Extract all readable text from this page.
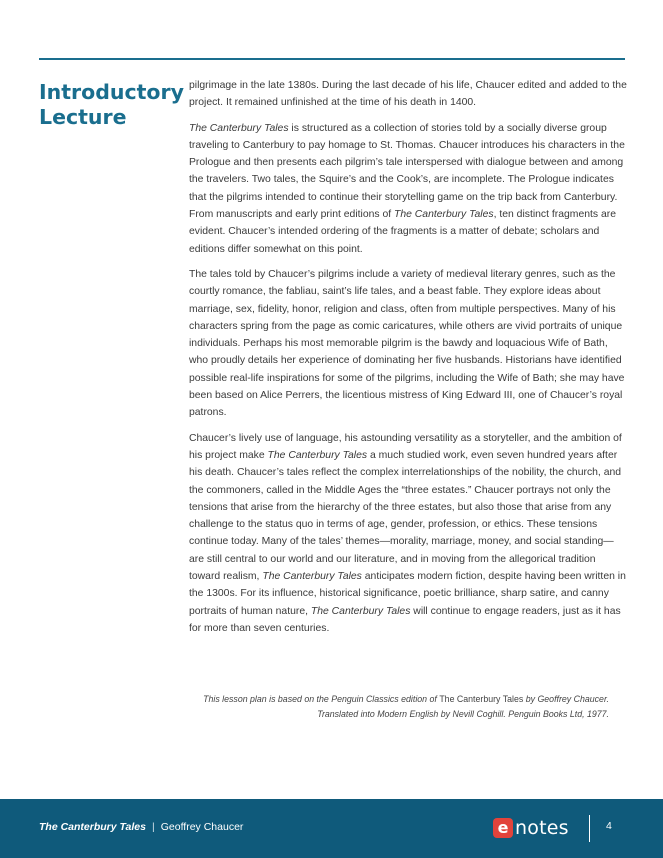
Introductory
Lecture

pilgrimage in the late 1380s. During the last decade of his life, Chaucer edited and added to the project. It remained unfinished at the time of his death in 1400.

The Canterbury Tales is structured as a collection of stories told by a socially diverse group traveling to Canterbury to pay homage to St. Thomas. Chaucer introduces his characters in the Prologue and then presents each pilgrim’s tale interspersed with dialogue between and among the travelers. Two tales, the Squire’s and the Cook’s, are incomplete. The Prologue indicates that the pilgrims intended to continue their storytelling game on the trip back from Canterbury. From manuscripts and early print editions of The Canterbury Tales, ten distinct fragments are evident. Chaucer’s intended ordering of the fragments is a matter of debate; scholars and editions differ somewhat on this point.

The tales told by Chaucer’s pilgrims include a variety of medieval literary genres, such as the courtly romance, the fabliau, saint’s life tales, and a beast fable. They explore ideas about marriage, sex, fidelity, honor, religion and class, often from multiple perspectives. Many of his characters spring from the page as comic caricatures, while others are vivid portraits of unique individuals. Perhaps his most memorable pilgrim is the bawdy and loquacious Wife of Bath, who proudly details her experience of dominating her five husbands. Historians have identified possible real-life inspirations for some of the pilgrims, including the Wife of Bath; she may have been based on Alice Perrers, the licentious mistress of King Edward III, one of Chaucer’s royal patrons.

Chaucer’s lively use of language, his astounding versatility as a storyteller, and the ambition of his project make The Canterbury Tales a much studied work, even seven hundred years after his death. Chaucer’s tales reflect the complex interrelationships of the nobility, the church, and the commoners, called in the Middle Ages the “three estates.” Chaucer portrays not only the tensions that arise from the hierarchy of the three estates, but also those that arise from any challenge to the status quo in terms of age, gender, profession, or ethics. These tensions continue today. Many of the tales’ themes—morality, marriage, money, and social standing—are still central to our world and our literature, and in moving from the allegorical tradition toward realism, The Canterbury Tales anticipates modern fiction, despite having been written in the 1300s. For its influence, historical significance, poetic brilliance, sharp satire, and canny portraits of human nature, The Canterbury Tales will continue to engage readers, just as it has for more than seven centuries.

This lesson plan is based on the Penguin Classics edition of The Canterbury Tales by Geoffrey Chaucer. Translated into Modern English by Nevill Coghill. Penguin Books Ltd, 1977.
The Canterbury Tales | Geoffrey Chaucer	e notes	4
